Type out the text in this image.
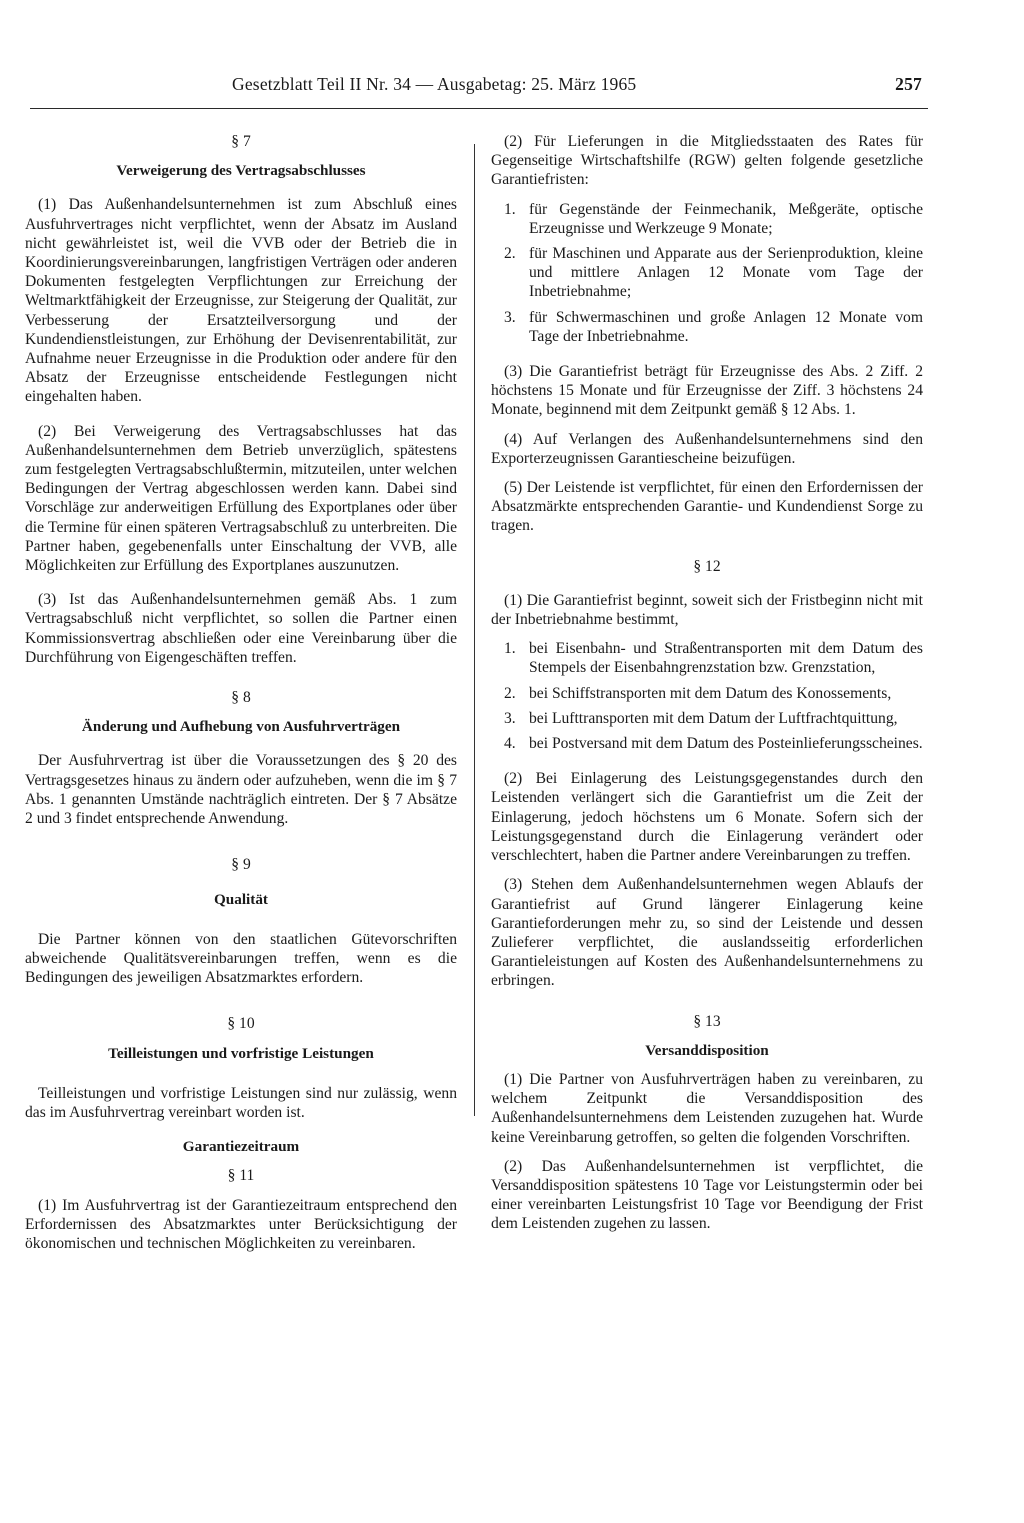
Gesetzblatt Teil II Nr. 34 — Ausgabetag: 25. März 1965	257
§ 7
Verweigerung des Vertragsabschlusses

(1) Das Außenhandelsunternehmen ist zum Abschluß eines Ausfuhrvertrages nicht verpflichtet, wenn der Absatz im Ausland nicht gewährleistet ist, weil die VVB oder der Betrieb die in Koordinierungsvereinbarungen, langfristigen Verträgen oder anderen Dokumenten festgelegten Verpflichtungen zur Erreichung der Weltmarktfähigkeit der Erzeugnisse, zur Steigerung der Qualität, zur Verbesserung der Ersatzteilversorgung und der Kundendienstleistungen, zur Erhöhung der Devisenrentabilität, zur Aufnahme neuer Erzeugnisse in die Produktion oder andere für den Absatz der Erzeugnisse entscheidende Festlegungen nicht eingehalten haben.

(2) Bei Verweigerung des Vertragsabschlusses hat das Außenhandelsunternehmen dem Betrieb unverzüglich, spätestens zum festgelegten Vertragsabschlußtermin, mitzuteilen, unter welchen Bedingungen der Vertrag abgeschlossen werden kann. Dabei sind Vorschläge zur anderweitigen Erfüllung des Exportplanes oder über die Termine für einen späteren Vertragsabschluß zu unterbreiten. Die Partner haben, gegebenenfalls unter Einschaltung der VVB, alle Möglichkeiten zur Erfüllung des Exportplanes auszunutzen.

(3) Ist das Außenhandelsunternehmen gemäß Abs. 1 zum Vertragsabschluß nicht verpflichtet, so sollen die Partner einen Kommissionsvertrag abschließen oder eine Vereinbarung über die Durchführung von Eigengeschäften treffen.

§ 8
Änderung und Aufhebung von Ausfuhrverträgen

Der Ausfuhrvertrag ist über die Voraussetzungen des § 20 des Vertragsgesetzes hinaus zu ändern oder aufzuheben, wenn die im § 7 Abs. 1 genannten Umstände nachträglich eintreten. Der § 7 Absätze 2 und 3 findet entsprechende Anwendung.

§ 9
Qualität

Die Partner können von den staatlichen Gütevorschriften abweichende Qualitätsvereinbarungen treffen, wenn es die Bedingungen des jeweiligen Absatzmarktes erfordern.

§ 10
Teilleistungen und vorfristige Leistungen

Teilleistungen und vorfristige Leistungen sind nur zulässig, wenn das im Ausfuhrvertrag vereinbart worden ist.

Garantiezeitraum
§ 11

(1) Im Ausfuhrvertrag ist der Garantiezeitraum entsprechend den Erfordernissen des Absatzmarktes unter Berücksichtigung der ökonomischen und technischen Möglichkeiten zu vereinbaren.

(2) Für Lieferungen in die Mitgliedsstaaten des Rates für Gegenseitige Wirtschaftshilfe (RGW) gelten folgende gesetzliche Garantiefristen:

1. für Gegenstände der Feinmechanik, Meßgeräte, optische Erzeugnisse und Werkzeuge 9 Monate;
2. für Maschinen und Apparate aus der Serienproduktion, kleine und mittlere Anlagen 12 Monate vom Tage der Inbetriebnahme;
3. für Schwermaschinen und große Anlagen 12 Monate vom Tage der Inbetriebnahme.

(3) Die Garantiefrist beträgt für Erzeugnisse des Abs. 2 Ziff. 2 höchstens 15 Monate und für Erzeugnisse der Ziff. 3 höchstens 24 Monate, beginnend mit dem Zeitpunkt gemäß § 12 Abs. 1.

(4) Auf Verlangen des Außenhandelsunternehmens sind den Exporterzeugnissen Garantiescheine beizufügen.

(5) Der Leistende ist verpflichtet, für einen den Erfordernissen der Absatzmärkte entsprechenden Garantie- und Kundendienst Sorge zu tragen.

§ 12

(1) Die Garantiefrist beginnt, soweit sich der Fristbeginn nicht mit der Inbetriebnahme bestimmt,

1. bei Eisenbahn- und Straßentransporten mit dem Datum des Stempels der Eisenbahngrenzstation bzw. Grenzstation,
2. bei Schiffstransporten mit dem Datum des Konossements,
3. bei Lufttransporten mit dem Datum der Luftfrachtquittung,
4. bei Postversand mit dem Datum des Posteinlieferungsscheines.

(2) Bei Einlagerung des Leistungsgegenstandes durch den Leistenden verlängert sich die Garantiefrist um die Zeit der Einlagerung, jedoch höchstens um 6 Monate. Sofern sich der Leistungsgegenstand durch die Einlagerung verändert oder verschlechtert, haben die Partner andere Vereinbarungen zu treffen.

(3) Stehen dem Außenhandelsunternehmen wegen Ablaufs der Garantiefrist auf Grund längerer Einlagerung keine Garantieforderungen mehr zu, so sind der Leistende und dessen Zulieferer verpflichtet, die auslandsseitig erforderlichen Garantieleistungen auf Kosten des Außenhandelsunternehmens zu erbringen.

§ 13
Versanddisposition

(1) Die Partner von Ausfuhrverträgen haben zu vereinbaren, zu welchem Zeitpunkt die Versanddisposition des Außenhandelsunternehmens dem Leistenden zuzugehen hat. Wurde keine Vereinbarung getroffen, so gelten die folgenden Vorschriften.

(2) Das Außenhandelsunternehmen ist verpflichtet, die Versanddisposition spätestens 10 Tage vor Leistungstermin oder bei einer vereinbarten Leistungsfrist 10 Tage vor Beendigung der Frist dem Leistenden zugehen zu lassen.
